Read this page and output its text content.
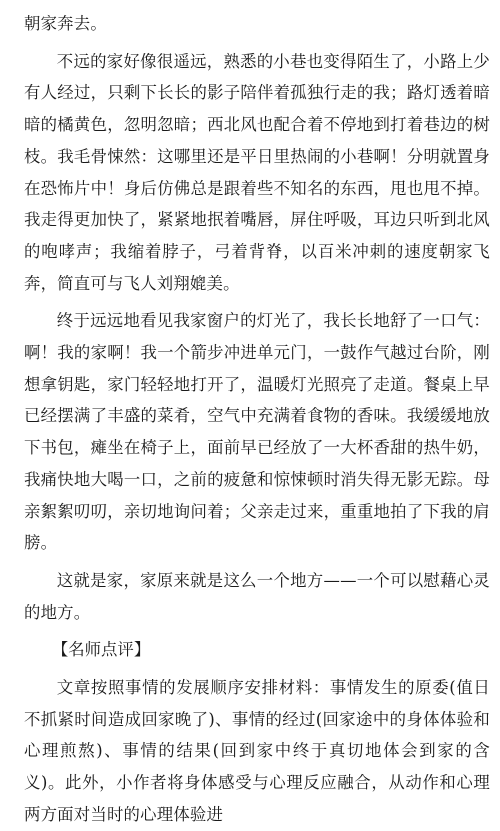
朝家奔去。

不远的家好像很遥远，熟悉的小巷也变得陌生了，小路上少有人经过，只剩下长长的影子陪伴着孤独行走的我；路灯透着暗暗的橘黄色，忽明忽暗；西北风也配合着不停地到打着巷边的树枝。我毛骨悚然：这哪里还是平日里热闹的小巷啊！分明就置身在恐怖片中！身后仿佛总是跟着些不知名的东西，甩也甩不掉。我走得更加快了，紧紧地抿着嘴唇，屏住呼吸，耳边只听到北风的咆哮声；我缩着脖子，弓着背脊，以百米冲刺的速度朝家飞奔，简直可与飞人刘翔媲美。

终于远远地看见我家窗户的灯光了，我长长地舒了一口气：啊！我的家啊！我一个箭步冲进单元门，一鼓作气越过台阶，刚想拿钥匙，家门轻轻地打开了，温暖灯光照亮了走道。餐桌上早已经摆满了丰盛的菜肴，空气中充满着食物的香味。我缓缓地放下书包，瘫坐在椅子上，面前早已经放了一大杯香甜的热牛奶，我痛快地大喝一口，之前的疲惫和惊悚顿时消失得无影无踪。母亲絮絮叨叨，亲切地询问着；父亲走过来，重重地拍了下我的肩膀。

这就是家，家原来就是这么一个地方——一个可以慰藉心灵的地方。

【名师点评】

文章按照事情的发展顺序安排材料：事情发生的原委(值日不抓紧时间造成回家晚了)、事情的经过(回家途中的身体体验和心理煎熬)、事情的结果(回到家中终于真切地体会到家的含义)。此外，小作者将身体感受与心理反应融合，从动作和心理两方面对当时的心理体验进
